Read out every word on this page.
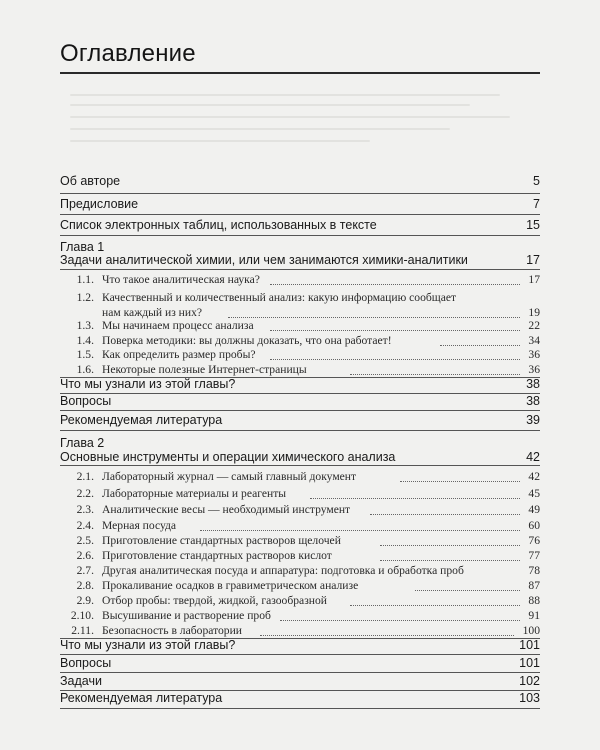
Оглавление
Об авторе	5
Предисловие	7
Список электронных таблиц, использованных в тексте	15
Глава 1
Задачи аналитической химии, или чем занимаются химики-аналитики	17
1.1. Что такое аналитическая наука?	17
1.2. Качественный и количественный анализ: какую информацию сообщает
нам каждый из них?	19
1.3. Мы начинаем процесс анализа	22
1.4. Поверка методики: вы должны доказать, что она работает!	34
1.5. Как определить размер пробы?	36
1.6. Некоторые полезные Интернет-страницы	36
Что мы узнали из этой главы?	38
Вопросы	38
Рекомендуемая литература	39
Глава 2
Основные инструменты и операции химического анализа	42
2.1. Лабораторный журнал — самый главный документ	42
2.2. Лабораторные материалы и реагенты	45
2.3. Аналитические весы — необходимый инструмент	49
2.4. Мерная посуда	60
2.5. Приготовление стандартных растворов щелочей	76
2.6. Приготовление стандартных растворов кислот	77
2.7. Другая аналитическая посуда и аппаратура: подготовка и обработка проб	78
2.8. Прокаливание осадков в гравиметрическом анализе	87
2.9. Отбор пробы: твердой, жидкой, газообразной	88
2.10. Высушивание и растворение проб	91
2.11. Безопасность в лаборатории	100
Что мы узнали из этой главы?	101
Вопросы	101
Задачи	102
Рекомендуемая литература	103
